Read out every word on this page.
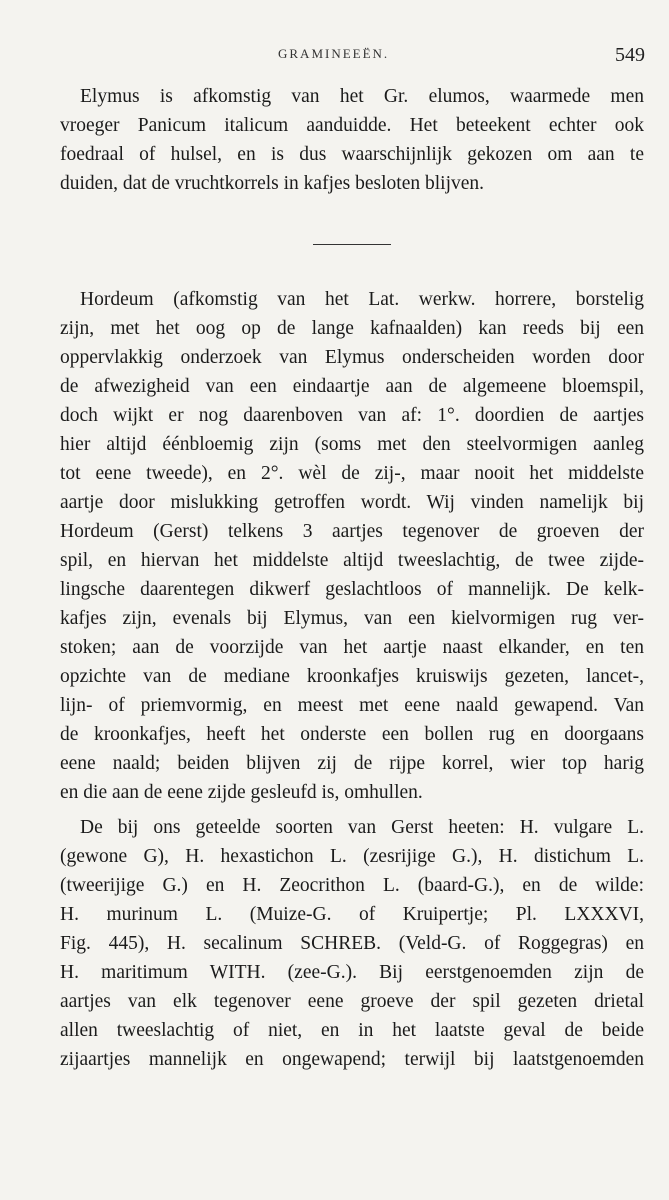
GRAMINEEËN.	549
Elymus is afkomstig van het Gr. elumos, waarmede men
vroeger Panicum italicum aanduidde. Het beteekent echter ook
foedraal of hulsel, en is dus waarschijnlijk gekozen om aan te
duiden, dat de vruchtkorrels in kafjes besloten blijven.
Hordeum (afkomstig van het Lat. werkw. horrere, borstelig
zijn, met het oog op de lange kafnaalden) kan reeds bij een
oppervlakkig onderzoek van Elymus onderscheiden worden door
de afwezigheid van een eindaartje aan de algemeene bloemspil,
doch wijkt er nog daarenboven van af: 1°. doordien de aartjes
hier altijd éénbloemig zijn (soms met den steelvormigen aanleg
tot eene tweede), en 2°. wèl de zij-, maar nooit het middelste
aartje door mislukking getroffen wordt. Wij vinden namelijk bij
Hordeum (Gerst) telkens 3 aartjes tegenover de groeven der
spil, en hiervan het middelste altijd tweeslachtig, de twee zijde-
lingsche daarentegen dikwerf geslachtloos of mannelijk. De kelk-
kafjes zijn, evenals bij Elymus, van een kielvormigen rug ver-
stoken; aan de voorzijde van het aartje naast elkander, en ten
opzichte van de mediane kroonkafjes kruiswijs gezeten, lancet-,
lijn- of priemvormig, en meest met eene naald gewapend. Van
de kroonkafjes, heeft het onderste een bollen rug en doorgaans
eene naald; beiden blijven zij de rijpe korrel, wier top harig
en die aan de eene zijde gesleufd is, omhullen.
De bij ons geteelde soorten van Gerst heeten: H. vulgare L.
(gewone G), H. hexastichon L. (zesrijige G.), H. distichum L.
(tweerijige G.) en H. Zeocrithon L. (baard-G.), en de wilde:
H. murinum L. (Muize-G. of Kruipertje; Pl. LXXXVI,
Fig. 445), H. secalinum SCHREB. (Veld-G. of Roggegras) en
H. maritimum WITH. (zee-G.). Bij eerstgenoemden zijn de
aartjes van elk tegenover eene groeve der spil gezeten drietal
allen tweeslachtig of niet, en in het laatste geval de beide
zijaartjes mannelijk en ongewapend; terwijl bij laatstgenoemden
